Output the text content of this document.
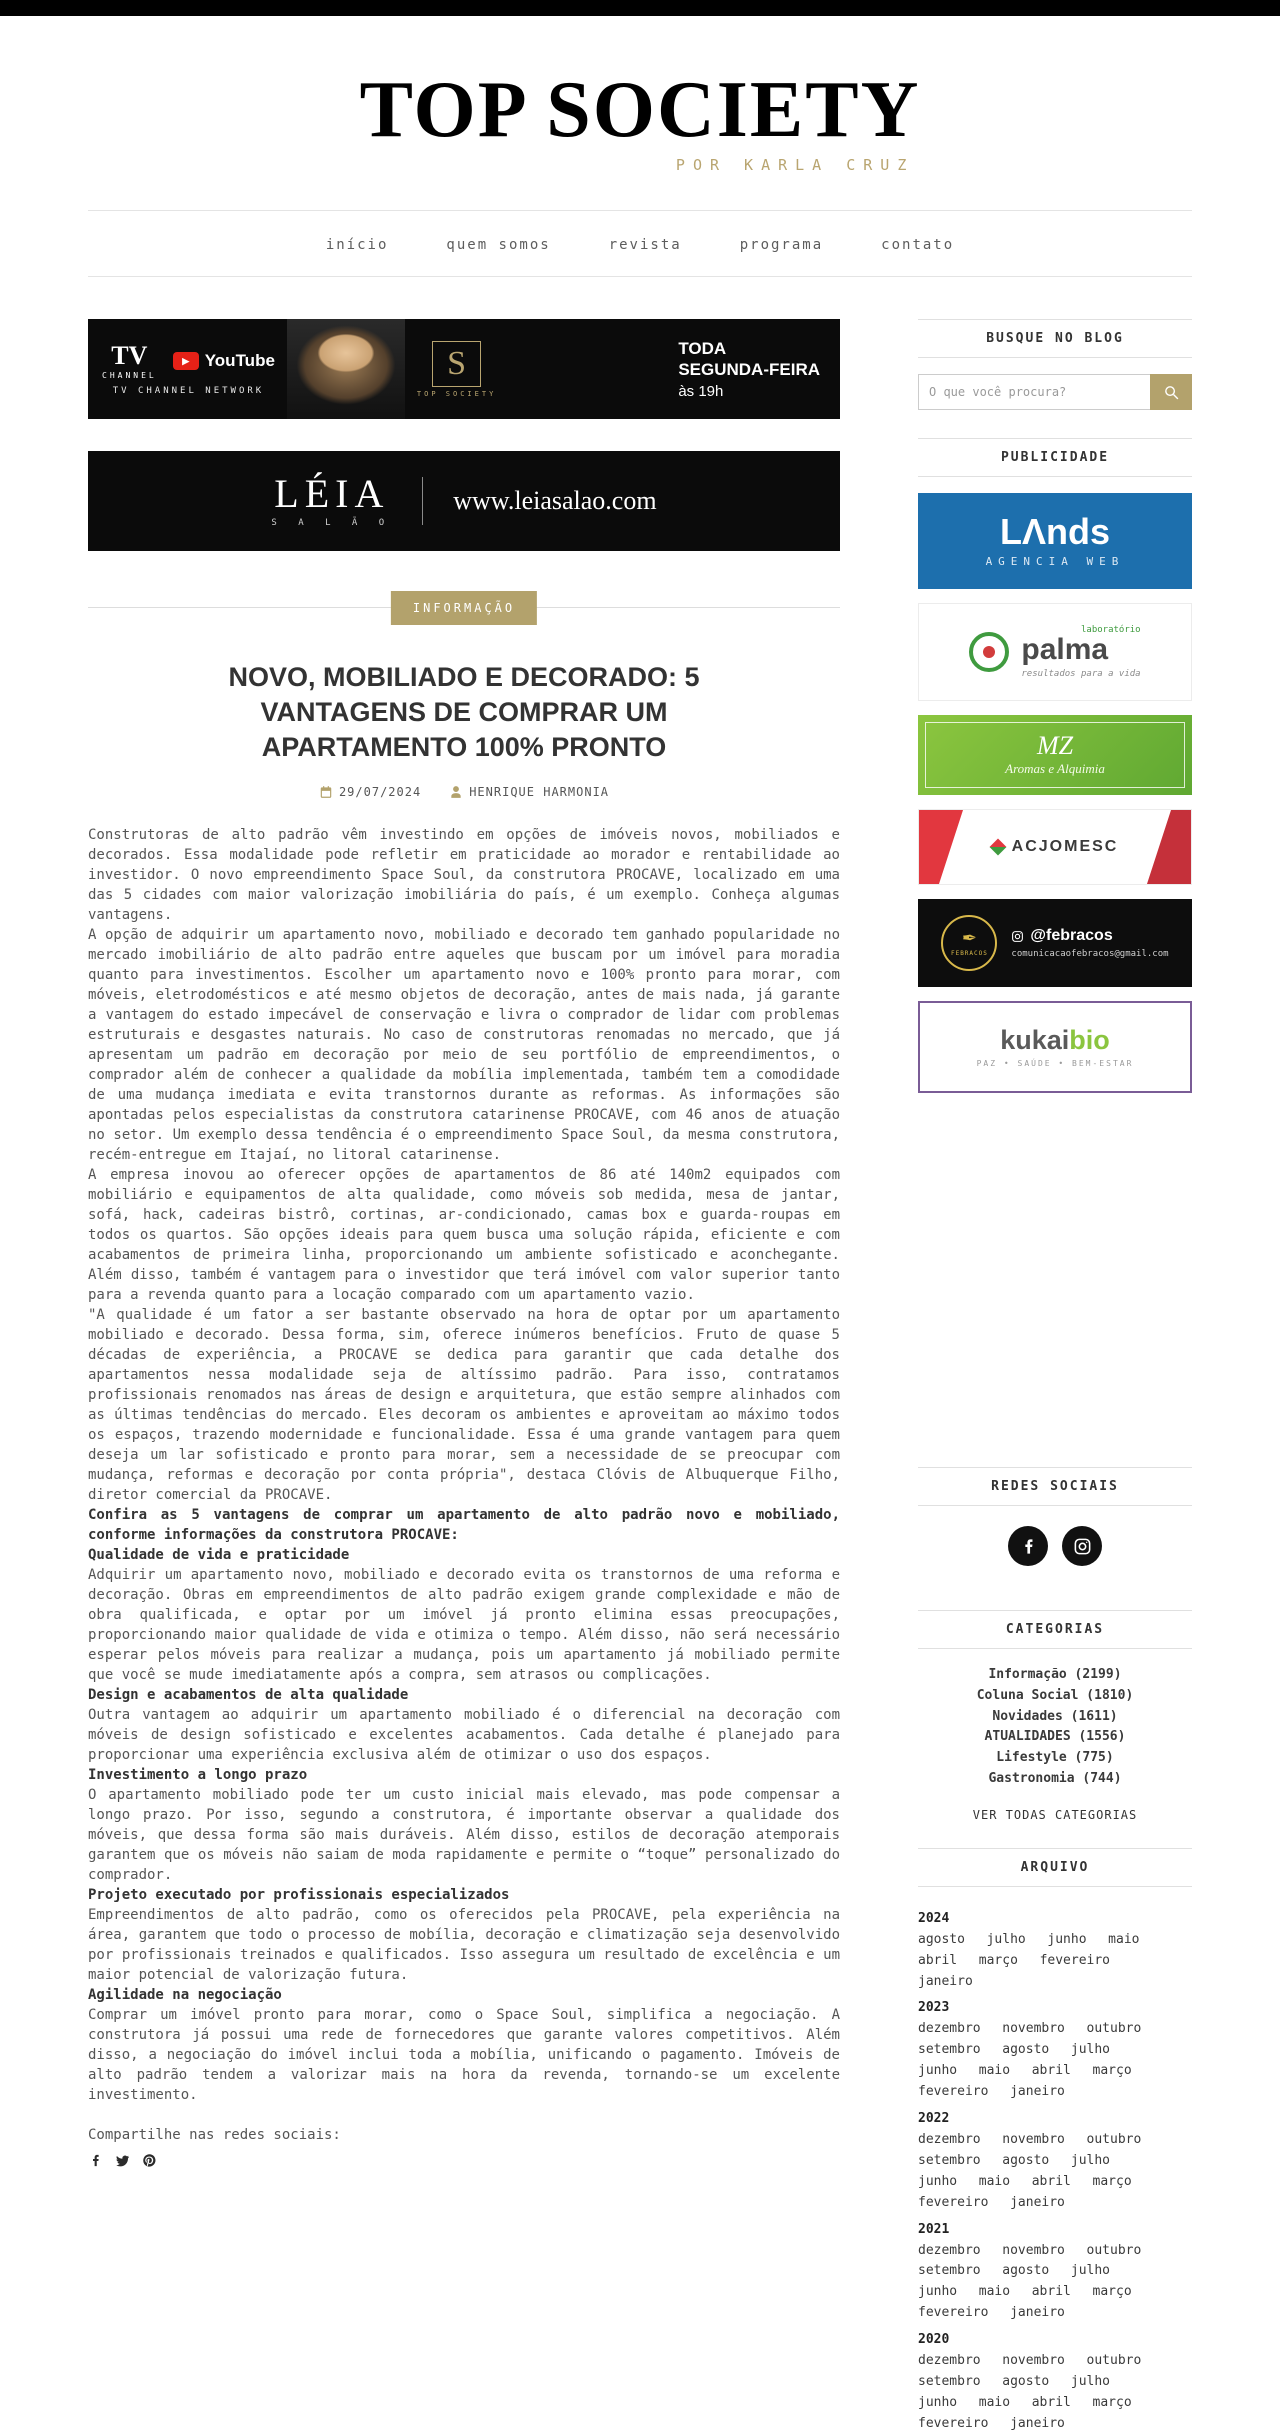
TOP SOCIETY
POR KARLA CRUZ
início	quem somos	revista	programa	contato
TV
CHANNEL
▶ YouTube
TV CHANNEL NETWORK
S
TOP SOCIETY
TODA
SEGUNDA-FEIRA
às 19h
LÉIA
S A L Ã O
www.leiasalao.com
INFORMAÇÃO
NOVO, MOBILIADO E DECORADO: 5 VANTAGENS DE COMPRAR UM APARTAMENTO 100% PRONTO
29/07/2024	HENRIQUE HARMONIA

Construtoras de alto padrão vêm investindo em opções de imóveis novos, mobiliados e decorados. Essa modalidade pode refletir em praticidade ao morador e rentabilidade ao investidor. O novo empreendimento Space Soul, da construtora PROCAVE, localizado em uma das 5 cidades com maior valorização imobiliária do país, é um exemplo. Conheça algumas vantagens.

A opção de adquirir um apartamento novo, mobiliado e decorado tem ganhado popularidade no mercado imobiliário de alto padrão entre aqueles que buscam por um imóvel para moradia quanto para investimentos. Escolher um apartamento novo e 100% pronto para morar, com móveis, eletrodomésticos e até mesmo objetos de decoração, antes de mais nada, já garante a vantagem do estado impecável de conservação e livra o comprador de lidar com problemas estruturais e desgastes naturais. No caso de construtoras renomadas no mercado, que já apresentam um padrão em decoração por meio de seu portfólio de empreendimentos, o comprador além de conhecer a qualidade da mobília implementada, também tem a comodidade de uma mudança imediata e evita transtornos durante as reformas. As informações são apontadas pelos especialistas da construtora catarinense PROCAVE, com 46 anos de atuação no setor. Um exemplo dessa tendência é o empreendimento Space Soul, da mesma construtora, recém-entregue em Itajaí, no litoral catarinense.

A empresa inovou ao oferecer opções de apartamentos de 86 até 140m2 equipados com mobiliário e equipamentos de alta qualidade, como móveis sob medida, mesa de jantar, sofá, hack, cadeiras bistrô, cortinas, ar-condicionado, camas box e guarda-roupas em todos os quartos. São opções ideais para quem busca uma solução rápida, eficiente e com acabamentos de primeira linha, proporcionando um ambiente sofisticado e aconchegante. Além disso, também é vantagem para o investidor que terá imóvel com valor superior tanto para a revenda quanto para a locação comparado com um apartamento vazio.

"A qualidade é um fator a ser bastante observado na hora de optar por um apartamento mobiliado e decorado. Dessa forma, sim, oferece inúmeros benefícios. Fruto de quase 5 décadas de experiência, a PROCAVE se dedica para garantir que cada detalhe dos apartamentos nessa modalidade seja de altíssimo padrão. Para isso, contratamos profissionais renomados nas áreas de design e arquitetura, que estão sempre alinhados com as últimas tendências do mercado. Eles decoram os ambientes e aproveitam ao máximo todos os espaços, trazendo modernidade e funcionalidade. Essa é uma grande vantagem para quem deseja um lar sofisticado e pronto para morar, sem a necessidade de se preocupar com mudança, reformas e decoração por conta própria", destaca Clóvis de Albuquerque Filho, diretor comercial da PROCAVE.

Confira as 5 vantagens de comprar um apartamento de alto padrão novo e mobiliado, conforme informações da construtora PROCAVE:

Qualidade de vida e praticidade

Adquirir um apartamento novo, mobiliado e decorado evita os transtornos de uma reforma e decoração. Obras em empreendimentos de alto padrão exigem grande complexidade e mão de obra qualificada, e optar por um imóvel já pronto elimina essas preocupações, proporcionando maior qualidade de vida e otimiza o tempo. Além disso, não será necessário esperar pelos móveis para realizar a mudança, pois um apartamento já mobiliado permite que você se mude imediatamente após a compra, sem atrasos ou complicações.

Design e acabamentos de alta qualidade

Outra vantagem ao adquirir um apartamento mobiliado é o diferencial na decoração com móveis de design sofisticado e excelentes acabamentos. Cada detalhe é planejado para proporcionar uma experiência exclusiva além de otimizar o uso dos espaços.

Investimento a longo prazo

O apartamento mobiliado pode ter um custo inicial mais elevado, mas pode compensar a longo prazo. Por isso, segundo a construtora, é importante observar a qualidade dos móveis, que dessa forma são mais duráveis. Além disso, estilos de decoração atemporais garantem que os móveis não saiam de moda rapidamente e permite o “toque” personalizado do comprador.

Projeto executado por profissionais especializados

Empreendimentos de alto padrão, como os oferecidos pela PROCAVE, pela experiência na área, garantem que todo o processo de mobília, decoração e climatização seja desenvolvido por profissionais treinados e qualificados. Isso assegura um resultado de excelência e um maior potencial de valorização futura.

Agilidade na negociação

Comprar um imóvel pronto para morar, como o Space Soul, simplifica a negociação. A construtora já possui uma rede de fornecedores que garante valores competitivos. Além disso, a negociação do imóvel inclui toda a mobília, unificando o pagamento. Imóveis de alto padrão tendem a valorizar mais na hora da revenda, tornando-se um excelente investimento.

Compartilhe nas redes sociais:

BUSQUE NO BLOG
O que você procura?
PUBLICIDADE
LΛnds
AGENCIA WEB
laboratório
palma
resultados para a vida
MZ
Aromas e Alquimia
ACJOMESC
✒
FEBRACOS
@febracos
comunicacaofebracos@gmail.com
kukaibio
PAZ • SAÚDE • BEM-ESTAR
REDES SOCIAIS
CATEGORIAS
Informação ( 2199 )
Coluna Social ( 1810 )
Novidades ( 1611 )
ATUALIDADES ( 1556 )
Lifestyle ( 775 )
Gastronomia ( 744 )
VER TODAS CATEGORIAS
ARQUIVO
2024
agosto julho junho maio abril março fevereiro janeiro
2023
dezembro novembro outubro setembro agosto julho junho maio abril março fevereiro janeiro
2022
dezembro novembro outubro setembro agosto julho junho maio abril março fevereiro janeiro
2021
dezembro novembro outubro setembro agosto julho junho maio abril março fevereiro janeiro
2020
dezembro novembro outubro setembro agosto julho junho maio abril março fevereiro janeiro
